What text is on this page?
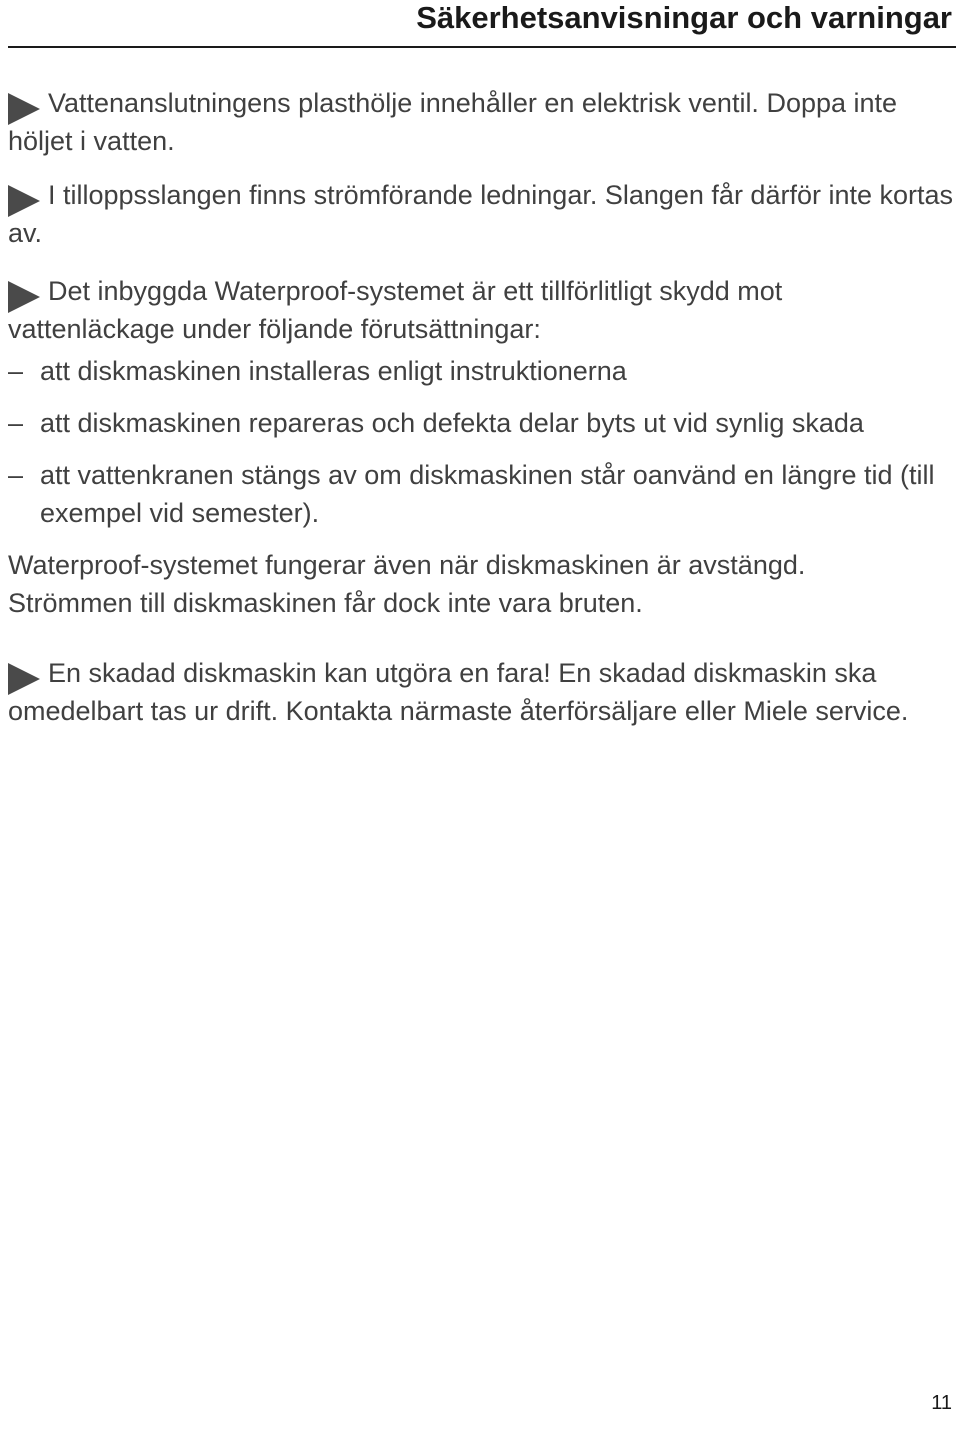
Säkerhetsanvisningar och varningar

Vattenanslutningens plasthölje innehåller en elektrisk ventil. Doppa inte höljet i vatten.

I tilloppsslangen finns strömförande ledningar. Slangen får därför inte kortas av.

Det inbyggda Waterproof-systemet är ett tillförlitligt skydd mot vattenläckage under följande förutsättningar:

– att diskmaskinen installeras enligt instruktionerna
– att diskmaskinen repareras och defekta delar byts ut vid synlig skada
– att vattenkranen stängs av om diskmaskinen står oanvänd en längre tid (till exempel vid semester).

Waterproof-systemet fungerar även när diskmaskinen är avstängd.
Strömmen till diskmaskinen får dock inte vara bruten.

En skadad diskmaskin kan utgöra en fara! En skadad diskmaskin ska omedelbart tas ur drift. Kontakta närmaste återförsäljare eller Miele service.

11
